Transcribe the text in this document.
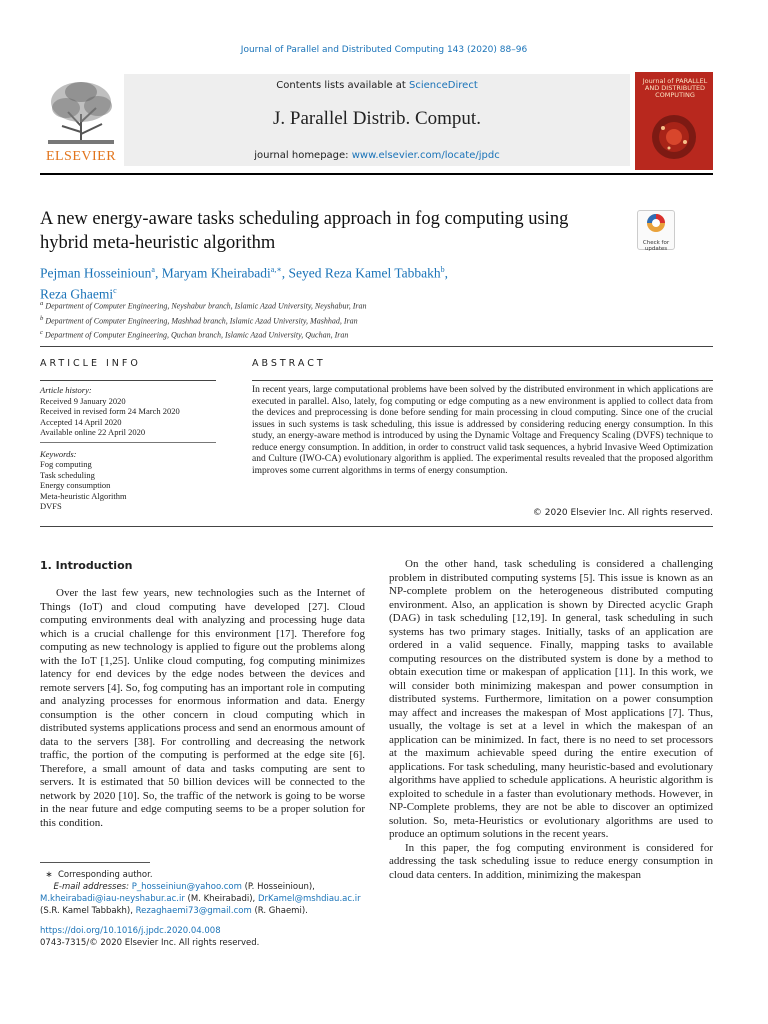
Journal of Parallel and Distributed Computing 143 (2020) 88–96
ELSEVIER
Contents lists available at ScienceDirect
J. Parallel Distrib. Comput.
journal homepage: www.elsevier.com/locate/jpdc
Journal of PARALLEL AND DISTRIBUTED COMPUTING
A new energy-aware tasks scheduling approach in fog computing using hybrid meta-heuristic algorithm	Check for updates
Pejman Hosseinioun$^a$, Maryam Kheirabadi$^{a,∗}$, Seyed Reza Kamel Tabbakh$^b$,
Reza Ghaemi$^c$
$^a$ Department of Computer Engineering, Neyshabur branch, Islamic Azad University, Neyshabur, Iran
$^b$ Department of Computer Engineering, Mashhad branch, Islamic Azad University, Mashhad, Iran
$^c$ Department of Computer Engineering, Quchan branch, Islamic Azad University, Quchan, Iran
ARTICLE INFO	ABSTRACT
Article history:
Received 9 January 2020
Received in revised form 24 March 2020
Accepted 14 April 2020
Available online 22 April 2020
Keywords:
Fog computing
Task scheduling
Energy consumption
Meta-heuristic Algorithm
DVFS
In recent years, large computational problems have been solved by the distributed environment in which applications are executed in parallel. Also, lately, fog computing or edge computing as a new environment is applied to collect data from the devices and preprocessing is done before sending for main processing in cloud computing. Since one of the crucial issues in such systems is task scheduling, this issue is addressed by considering reducing energy consumption. In this study, an energy-aware method is introduced by using the Dynamic Voltage and Frequency Scaling (DVFS) technique to reduce energy consumption. In addition, in order to construct valid task sequences, a hybrid Invasive Weed Optimization and Culture (IWO-CA) evolutionary algorithm is applied. The experimental results revealed that the proposed algorithm improves some current algorithms in terms of energy consumption.
© 2020 Elsevier Inc. All rights reserved.
1. Introduction

Over the last few years, new technologies such as the Internet of Things (IoT) and cloud computing have developed [27]. Cloud computing environments deal with analyzing and processing huge data which is a crucial challenge for this environment [17]. Therefore fog computing as new technology is applied to figure out the problems along with the IoT [1,25]. Unlike cloud computing, fog computing minimizes latency for end devices by the edge nodes between the devices and remote servers [4]. So, fog computing has an important role in computing and analyzing processes for enormous information and data. Energy consumption is the other concern in cloud computing which in distributed systems applications process and send an enormous amount of data to the servers [38]. For controlling and decreasing the network traffic, the portion of the computing is performed at the edge site [6]. Therefore, a small amount of data and tasks computing are sent to servers. It is estimated that 50 billion devices will be connected to the network by 2020 [10]. So, the traffic of the network is going to be worse in the near future and edge computing seems to be a proper solution for this condition.

On the other hand, task scheduling is considered a challenging problem in distributed computing systems [5]. This issue is known as an NP-complete problem on the heterogeneous distributed computing environment. Also, an application is shown by Directed acyclic Graph (DAG) in task scheduling [12,19]. In general, task scheduling in such systems has two primary stages. Initially, tasks of an application are ordered in a valid sequence. Finally, mapping tasks to available computing resources on the distributed system is done by a method to obtain execution time or makespan of application [11]. In this work, we will consider both minimizing makespan and power consumption in distributed systems. Furthermore, limitation on a power consumption may affect and increases the makespan of Most applications [7]. Thus, usually, the voltage is set at a level in which the makespan of an application can be minimized. In fact, there is no need to set processors at the maximum achievable speed during the entire execution of applications. For task scheduling, many heuristic-based and evolutionary algorithms have applied to schedule applications. A heuristic algorithm is exploited to schedule in a faster than evolutionary methods. However, in NP-Complete problems, they are not be able to discover an optimized solution. So, meta-Heuristics or evolutionary algorithms are used to produce an optimum solutions in the recent years.

In this paper, the fog computing environment is considered for addressing the task scheduling issue to reduce energy consumption in cloud data centers. In addition, minimizing the makespan

∗  Corresponding author.
E-mail addresses: P_hosseiniun@yahoo.com (P. Hosseinioun),
M.kheirabadi@iau-neyshabur.ac.ir (M. Kheirabadi), DrKamel@mshdiau.ac.ir
(S.R. Kamel Tabbakh), Rezaghaemi73@gmail.com (R. Ghaemi).
https://doi.org/10.1016/j.jpdc.2020.04.008
0743-7315/© 2020 Elsevier Inc. All rights reserved.
